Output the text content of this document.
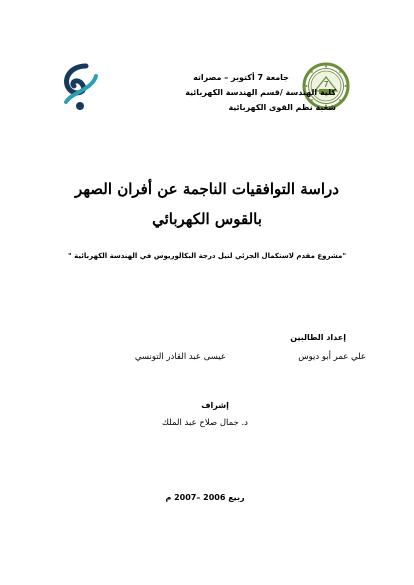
7
جامعة 7 أكتوبر – مصراته
كلية الهندسة /قسم الهندسة الكهربائية
شعبة نظم القوى الكهربائية
دراسة التوافقيات الناجمة عن أفران الصهر
بالقوس الكهربائي
"مشروع مقدم لاستكمال الجزئي لنيل درجة البكالوريوس في الهندسة الكهربائية "
إعداد الطالبين
علي عمر أبو ديوس
عيسى عبد القادر التونسي
إشراف
د. جمال صلاح عبد الملك
ربيع 2006 –2007 م
